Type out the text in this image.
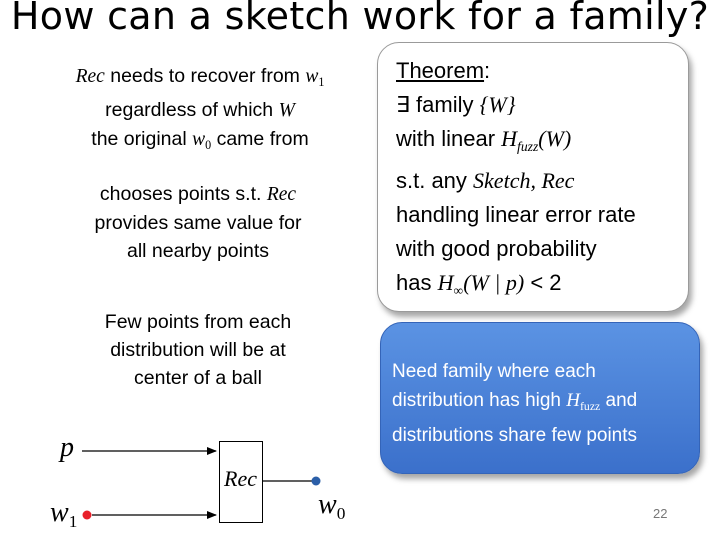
How can a sketch work for a family?
Rec needs to recover from $w_1$
regardless of which W
the original $w_0$ came from
chooses points s.t. Rec
provides same value for
all nearby points
Few points from each
distribution will be at
center of a ball
Theorem:
∃ family {W}
with linear $H_{fuzz}(W)$
s.t. any Sketch, Rec
handling linear error rate
with good probability
has $H_\infty(W$ | p) < 2
Need family where each
distribution has high $H_{fuzz}$ and
distributions share few points
Rec
p
$w_1$
$w_0$	22
